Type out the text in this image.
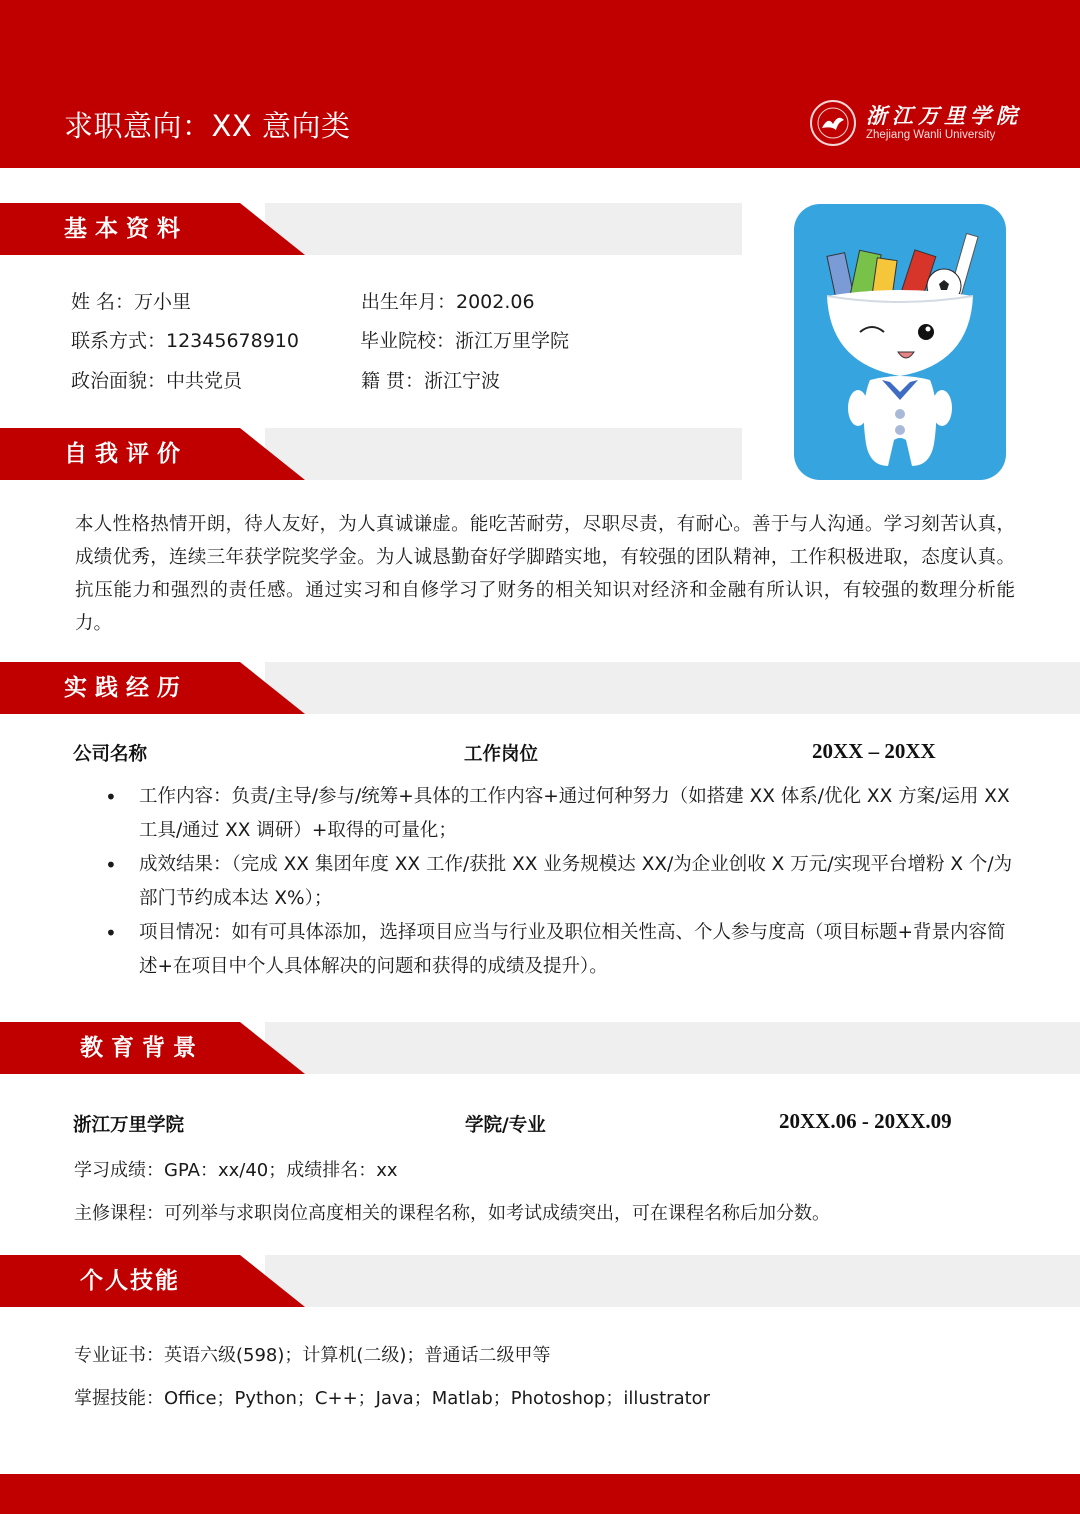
求职意向：XX 意向类	浙江万里学院
Zhejiang Wanli University
基本资料
姓 名：万小里	出生年月：2002.06
联系方式：12345678910	毕业院校：浙江万里学院
政治面貌：中共党员	籍 贯：浙江宁波
自我评价
本人性格热情开朗，待人友好，为人真诚谦虚。能吃苦耐劳，尽职尽责，有耐心。善于与人沟通。学习刻苦认真，成绩优秀，连续三年获学院奖学金。为人诚恳勤奋好学脚踏实地，有较强的团队精神，工作积极进取，态度认真。抗压能力和强烈的责任感。通过实习和自修学习了财务的相关知识对经济和金融有所认识，有较强的数理分析能力。
实践经历
公司名称	工作岗位	20XX – 20XX
• 工作内容：负责/主导/参与/统筹+具体的工作内容+通过何种努力（如搭建 XX 体系/优化 XX 方案/运用 XX 工具/通过 XX 调研）+取得的可量化；
• 成效结果：（完成 XX 集团年度 XX 工作/获批 XX 业务规模达 XX/为企业创收 X 万元/实现平台增粉 X 个/为部门节约成本达 X%）；
• 项目情况：如有可具体添加，选择项目应当与行业及职位相关性高、个人参与度高（项目标题+背景内容简述+在项目中个人具体解决的问题和获得的成绩及提升）。
教育背景
浙江万里学院	学院/专业	20XX.06 - 20XX.09
学习成绩：GPA：xx/40；成绩排名：xx
主修课程：可列举与求职岗位高度相关的课程名称，如考试成绩突出，可在课程名称后加分数。
个人技能
专业证书：英语六级(598)；计算机(二级)；普通话二级甲等
掌握技能：Office；Python；C++；Java；Matlab；Photoshop；illustrator
